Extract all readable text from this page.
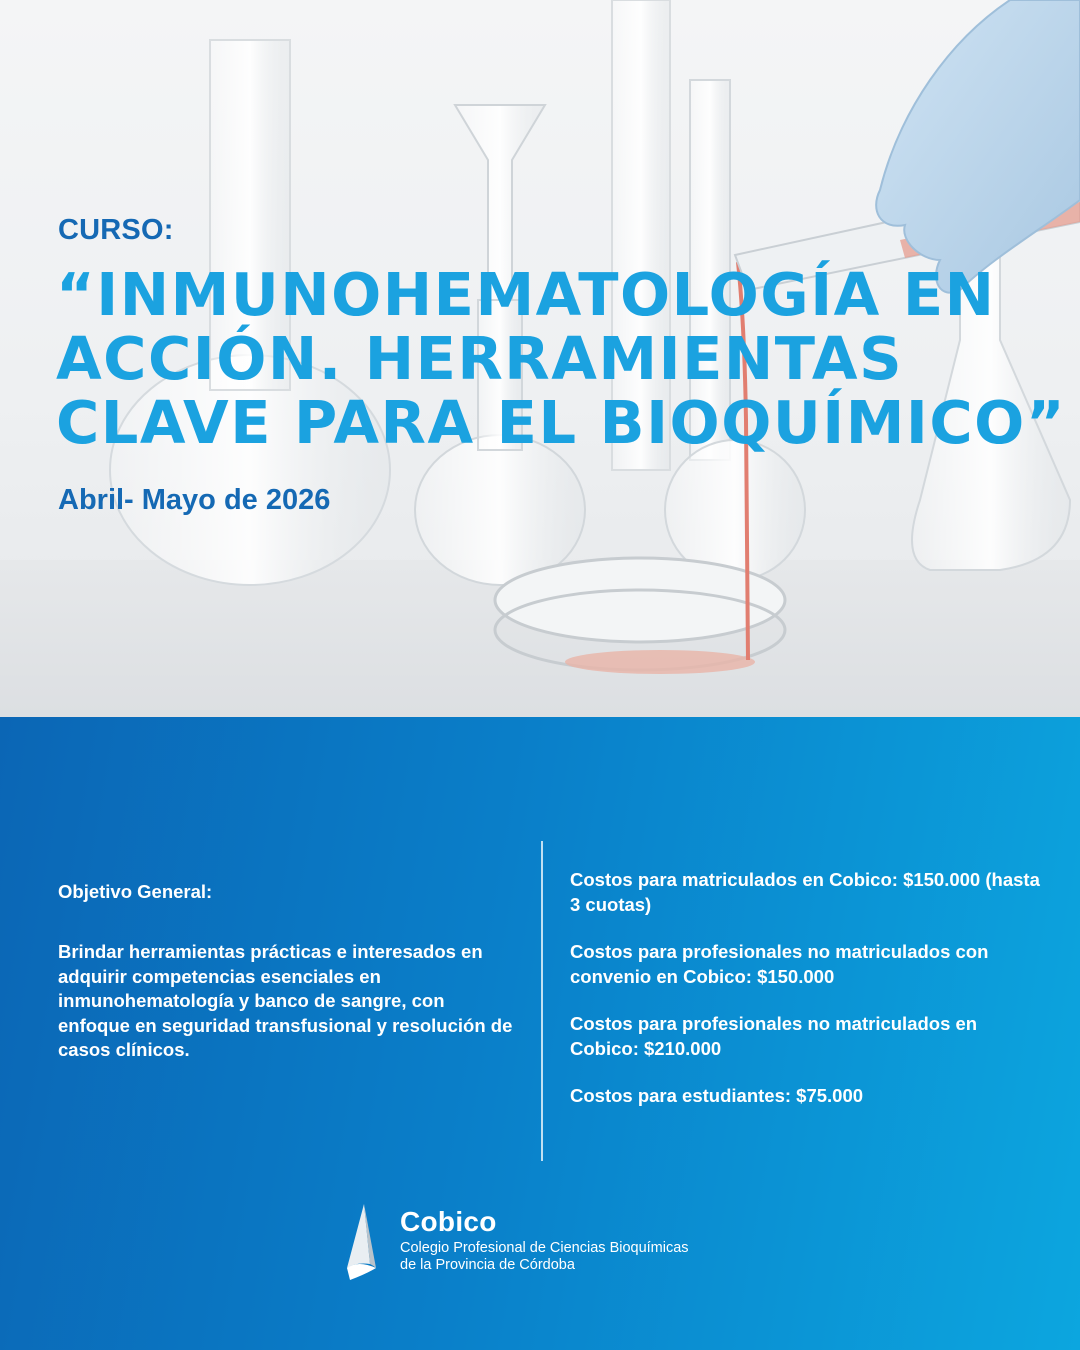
CURSO:
“INMUNOHEMATOLOGÍA EN
ACCIÓN. HERRAMIENTAS
CLAVE PARA EL BIOQUÍMICO”
Abril- Mayo de 2026
Objetivo General:

Brindar herramientas prácticas e interesados en adquirir competencias esenciales en inmunohematología y banco de sangre, con enfoque en seguridad transfusional y resolución de casos clínicos.

Costos para matriculados en Cobico: $150.000 (hasta 3 cuotas)

Costos para profesionales no matriculados con convenio en Cobico: $150.000

Costos para profesionales no matriculados en Cobico: $210.000

Costos para estudiantes: $75.000

Cobico
Colegio Profesional de Ciencias Bioquímicas
de la Provincia de Córdoba
